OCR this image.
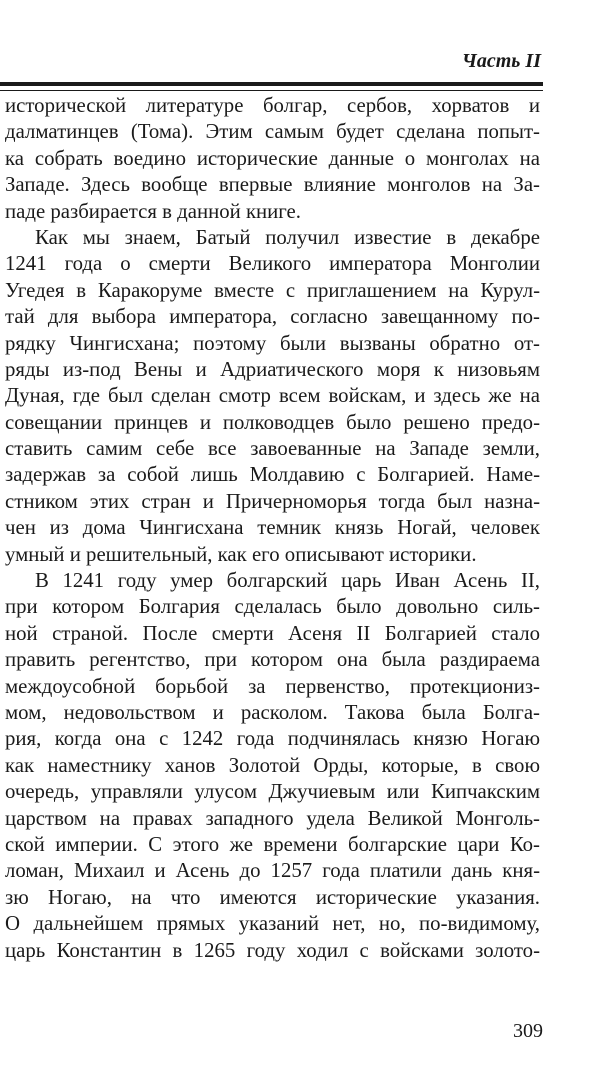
Часть II
исторической литературе болгар, сербов, хорватов и
далматинцев (Тома). Этим самым будет сделана попыт-
ка собрать воедино исторические данные о монголах на
Западе. Здесь вообще впервые влияние монголов на За-
паде разбирается в данной книге.
Как мы знаем, Батый получил известие в декабре
1241 года о смерти Великого императора Монголии
Угедея в Каракоруме вместе с приглашением на Курул-
тай для выбора императора, согласно завещанному по-
рядку Чингисхана; поэтому были вызваны обратно от-
ряды из-под Вены и Адриатического моря к низовьям
Дуная, где был сделан смотр всем войскам, и здесь же на
совещании принцев и полководцев было решено предо-
ставить самим себе все завоеванные на Западе земли,
задержав за собой лишь Молдавию с Болгарией. Наме-
стником этих стран и Причерноморья тогда был назна-
чен из дома Чингисхана темник князь Ногай, человек
умный и решительный, как его описывают историки.
В 1241 году умер болгарский царь Иван Асень II,
при котором Болгария сделалась было довольно силь-
ной страной. После смерти Асеня II Болгарией стало
править регентство, при котором она была раздираема
междоусобной борьбой за первенство, протекциониз-
мом, недовольством и расколом. Такова была Болга-
рия, когда она с 1242 года подчинялась князю Ногаю
как наместнику ханов Золотой Орды, которые, в свою
очередь, управляли улусом Джучиевым или Кипчакским
царством на правах западного удела Великой Монголь-
ской империи. С этого же времени болгарские цари Ко-
ломан, Михаил и Асень до 1257 года платили дань кня-
зю Ногаю, на что имеются исторические указания.
О дальнейшем прямых указаний нет, но, по-видимому,
царь Константин в 1265 году ходил с войсками золото-
309
